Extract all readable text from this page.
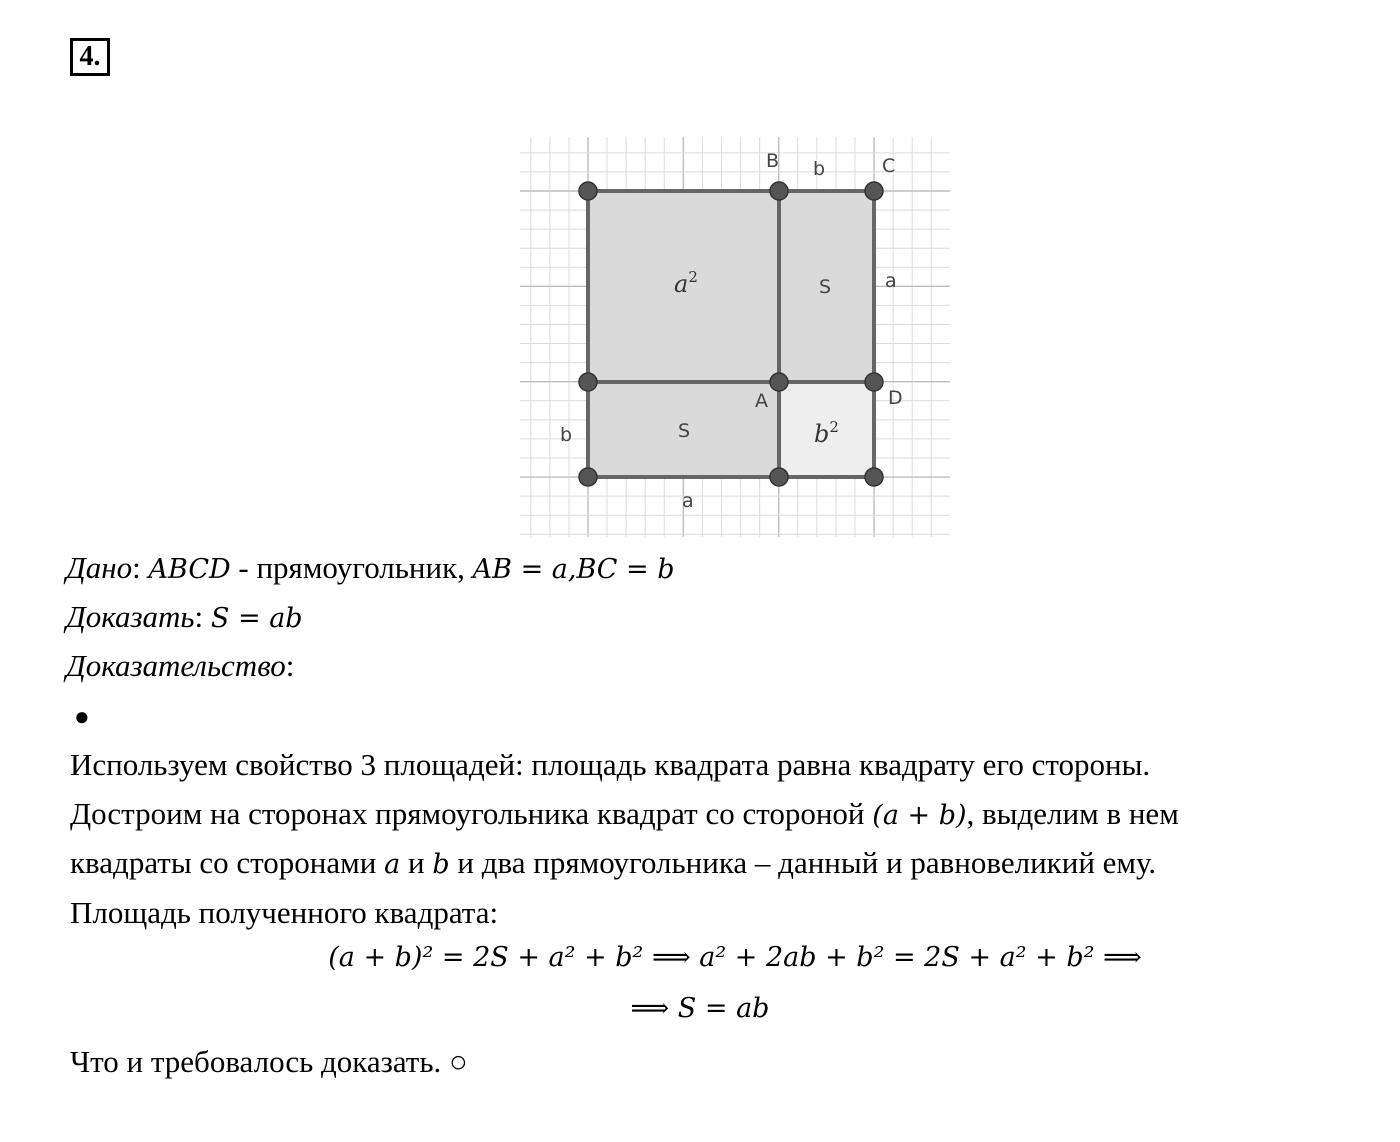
4.
B	C
b
a
A	D
b
a
S
S
$a^2$
$b^2$
Дано: ABCD - прямоугольник, AB = a,BC = b
Доказать: S = ab
Доказательство:
●
Используем свойство 3 площадей: площадь квадрата равна квадрату его стороны.
Достроим на сторонах прямоугольника квадрат со стороной (a + b), выделим в нем
квадраты со сторонами a и b и два прямоугольника – данный и равновеликий ему.
Площадь полученного квадрата:
(a + b)² = 2S + a² + b² ⟹ a² + 2ab + b² = 2S + a² + b² ⟹
⟹ S = ab
Что и требовалось доказать. ○
